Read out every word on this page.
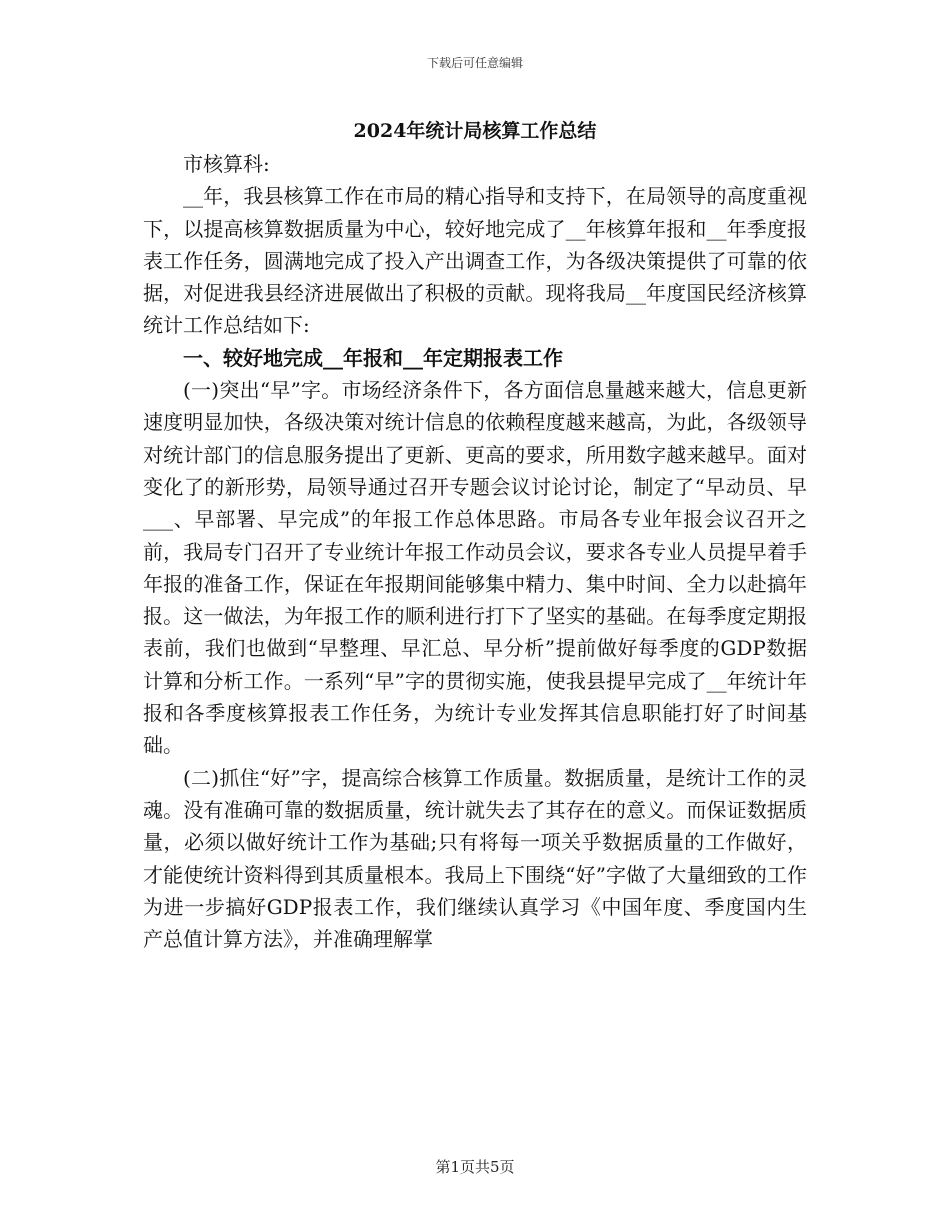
下载后可任意编辑
2024年统计局核算工作总结

市核算科:

__年，我县核算工作在市局的精心指导和支持下，在局领导的高度重视下，以提高核算数据质量为中心，较好地完成了__年核算年报和__年季度报表工作任务，圆满地完成了投入产出调查工作，为各级决策提供了可靠的依据，对促进我县经济进展做出了积极的贡献。现将我局__年度国民经济核算统计工作总结如下:

一、较好地完成__年报和__年定期报表工作

(一)突出“早”字。市场经济条件下，各方面信息量越来越大，信息更新速度明显加快，各级决策对统计信息的依赖程度越来越高，为此，各级领导对统计部门的信息服务提出了更新、更高的要求，所用数字越来越早。面对变化了的新形势，局领导通过召开专题会议讨论讨论，制定了“早动员、早___、早部署、早完成”的年报工作总体思路。市局各专业年报会议召开之前，我局专门召开了专业统计年报工作动员会议，要求各专业人员提早着手年报的准备工作，保证在年报期间能够集中精力、集中时间、全力以赴搞年报。这一做法，为年报工作的顺利进行打下了坚实的基础。在每季度定期报表前，我们也做到“早整理、早汇总、早分析”提前做好每季度的GDP数据计算和分析工作。一系列“早”字的贯彻实施，使我县提早完成了__年统计年报和各季度核算报表工作任务，为统计专业发挥其信息职能打好了时间基础。

(二)抓住“好”字，提高综合核算工作质量。数据质量，是统计工作的灵魂。没有准确可靠的数据质量，统计就失去了其存在的意义。而保证数据质量，必须以做好统计工作为基础;只有将每一项关乎数据质量的工作做好，才能使统计资料得到其质量根本。我局上下围绕“好”字做了大量细致的工作为进一步搞好GDP报表工作，我们继续认真学习《中国年度、季度国内生产总值计算方法》，并准确理解掌

第1页共5页
